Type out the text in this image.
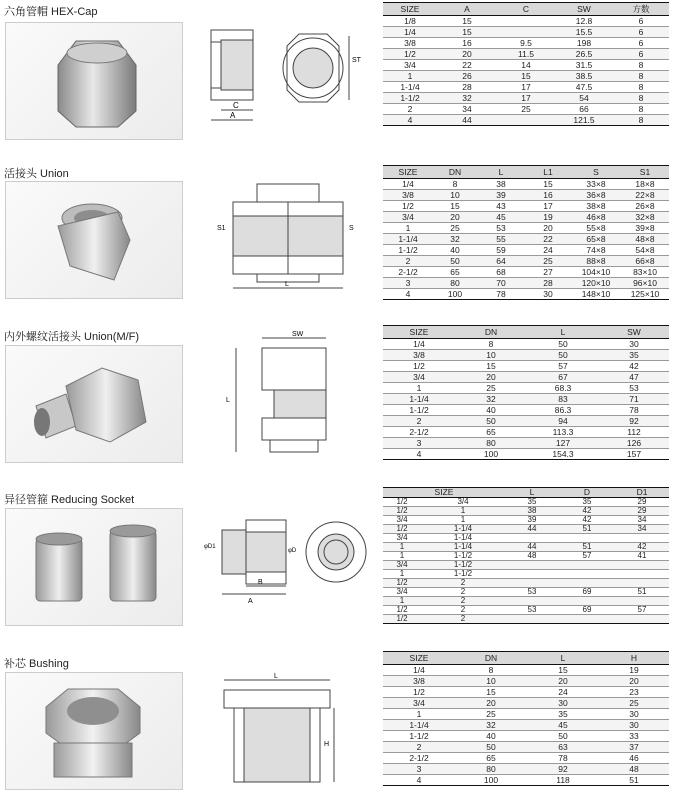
六角管帽 HEX-Cap
C
A
ST
SIZE	A	C	SW	方数
1/8	15		12.8	6
1/4	15		15.5	6
3/8	16	9.5	198	6
1/2	20	11.5	26.5	6
3/4	22	14	31.5	8
1	26	15	38.5	8
1-1/4	28	17	47.5	8
1-1/2	32	17	54	8
2	34	25	66	8
4	44		121.5	8
活接头 Union
S1	S
L
SIZE	DN	L	L1	S	S1
1/4	8	38	15	33×8	18×8
3/8	10	39	16	36×8	22×8
1/2	15	43	17	38×8	26×8
3/4	20	45	19	46×8	32×8
1	25	53	20	55×8	39×8
1-1/4	32	55	22	65×8	48×8
1-1/2	40	59	24	74×8	54×8
2	50	64	25	88×8	66×8
2-1/2	65	68	27	104×10	83×10
3	80	70	28	120×10	96×10
4	100	78	30	148×10	125×10
内外螺纹活接头 Union(M/F)	SW
L
SIZE	DN	L	SW
1/4	8	50	30
3/8	10	50	35
1/2	15	57	42
3/4	20	67	47
1	25	68.3	53
1-1/4	32	83	71
1-1/2	40	86.3	78
2	50	94	92
2-1/2	65	113.3	112
3	80	127	126
4	100	154.3	157
异径管箍 Reducing Socket
φD1
φD
B
A
SIZE		L	D	D1
1/2	3/4	35	35	29
1/2	1	38	42	29
3/4	1	39	42	34
1/2	1-1/4	44	51	34
3/4	1-1/4			
1	1-1/4	44	51	42
1	1-1/2	48	57	41
3/4	1-1/2			
1	1-1/2			
1/2	2			
3/4	2	53	69	51
1	2			
1/2	2	53	69	57
1/2	2			
补芯 Bushing
L
H
SIZE	DN	L	H
1/4	8	15	19
3/8	10	20	20
1/2	15	24	23
3/4	20	30	25
1	25	35	30
1-1/4	32	45	30
1-1/2	40	50	33
2	50	63	37
2-1/2	65	78	46
3	80	92	48
4	100	118	51
